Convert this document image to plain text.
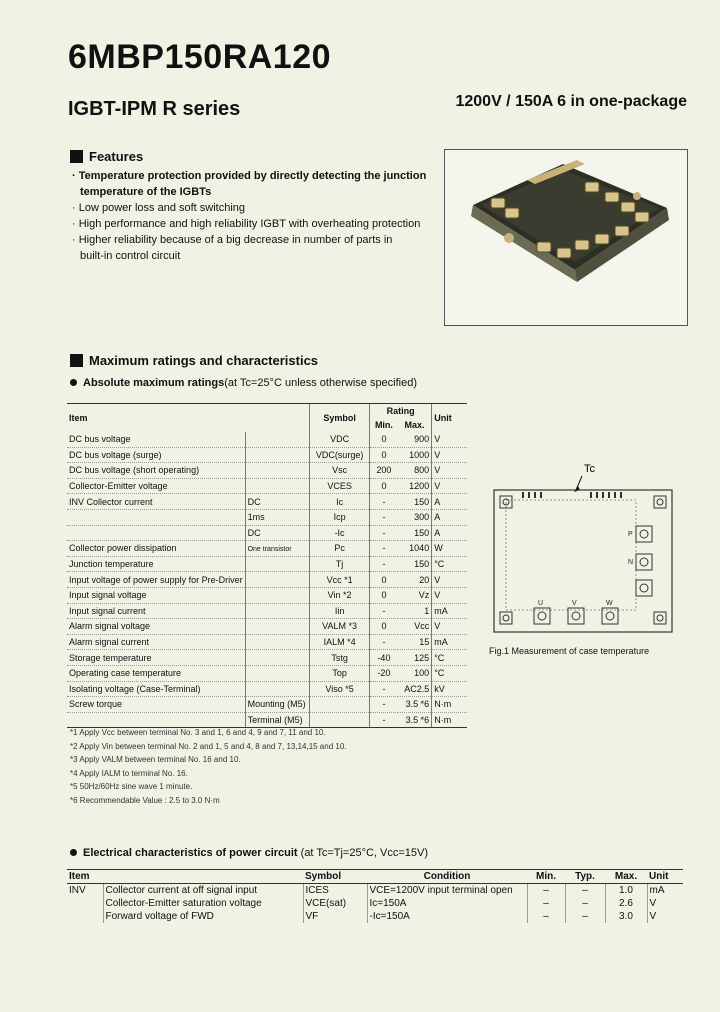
6MBP150RA120
IGBT-IPM R series	1200V / 150A 6 in one-package
Features
· Temperature protection provided by directly detecting the junction
temperature of the IGBTs
· Low power loss and soft switching
· High performance and high reliability IGBT with overheating protection
· Higher reliability because of a big decrease in number of parts in
built-in control circuit
Maximum ratings and characteristics
Absolute maximum ratings(at Tc=25°C unless otherwise specified)
Item		Symbol	Rating		Unit
			Min.	Max.	
DC bus voltage		VDC	0	900	V
DC bus voltage (surge)		VDC(surge)	0	1000	V
DC bus voltage (short operating)		Vsc	200	800	V
Collector-Emitter voltage		VCES	0	1200	V
INV Collector current	DC	Ic	-	150	A
	1ms	Icp	-	300	A
	DC	-Ic	-	150	A
Collector power dissipation	One transistor	Pc	-	1040	W
Junction temperature		Tj	-	150	°C
Input voltage of power supply for Pre-Driver		Vcc *1	0	20	V
Input signal voltage		Vin *2	0	Vz	V
Input signal current		Iin	-	1	mA
Alarm signal voltage		VALM *3	0	Vcc	V
Alarm signal current		IALM *4	-	15	mA
Storage temperature		Tstg	-40	125	°C
Operating case temperature		Top	-20	100	°C
Isolating voltage (Case-Terminal)		Viso *5	-	AC2.5	kV
Screw torque	Mounting (M5)		-	3.5 *6	N·m
	Terminal (M5)		-	3.5 *6	N·m
*1 Apply Vcc between terminal No. 3 and 1, 6 and 4, 9 and 7, 11 and 10.
*2 Apply Vin between terminal No. 2 and 1, 5 and 4, 8 and 7, 13,14,15 and 10.
*3 Apply VALM between terminal No. 16 and 10.
*4 Apply IALM to terminal No. 16.
*5 50Hz/60Hz sine wave 1 minute.
*6 Recommendable Value : 2.5 to 3.0 N·m
Tc
P
N
U	V	W
Fig.1 Measurement of case temperature
Electrical characteristics of power circuit (at Tc=Tj=25°C, Vcc=15V)
Item		Symbol	Condition	Min.	Typ.	Max.	Unit
INV	Collector current at off signal input	ICES	VCE=1200V input terminal open	–	–	1.0	mA
	Collector-Emitter saturation voltage	VCE(sat)	Ic=150A	–	–	2.6	V
	Forward voltage of FWD	VF	-Ic=150A	–	–	3.0	V
